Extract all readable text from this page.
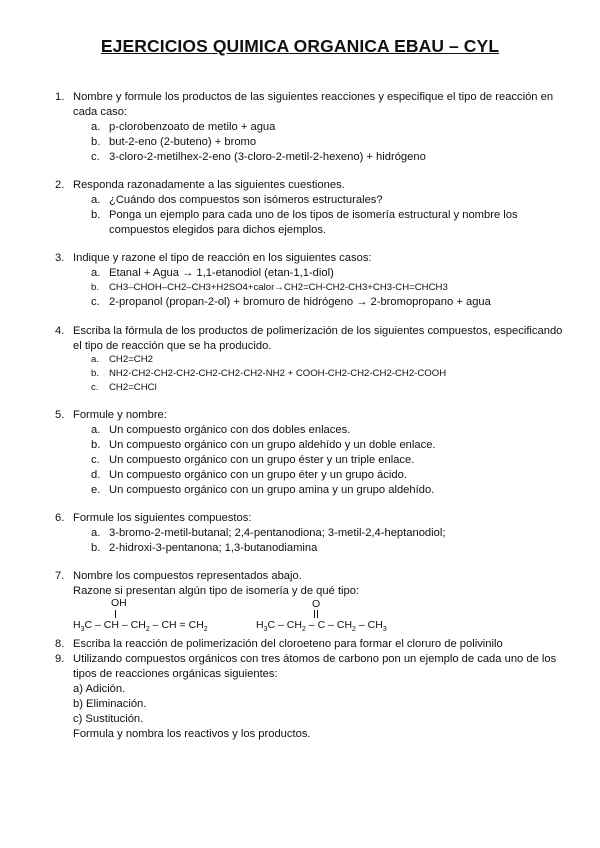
EJERCICIOS QUIMICA ORGANICA EBAU – CYL
1. Nombre y formule los productos de las siguientes reacciones y especifique el tipo de reacción en
cada caso:
a. p-clorobenzoato de metilo + agua
b. but-2-eno (2-buteno) + bromo
c. 3-cloro-2-metilhex-2-eno (3-cloro-2-metil-2-hexeno) + hidrógeno
2. Responda razonadamente a las siguientes cuestiones.
a. ¿Cuándo dos compuestos son isómeros estructurales?
b. Ponga un ejemplo para cada uno de los tipos de isomería estructural y nombre los
compuestos elegidos para dichos ejemplos.
3. Indique y razone el tipo de reacción en los siguientes casos:
a. Etanal + Agua → 1,1-etanodiol (etan-1,1-diol)
b. CH3–CHOH–CH2–CH3+H2SO4+calor→CH2=CH-CH2-CH3+CH3-CH=CHCH3
c. 2-propanol (propan-2-ol) + bromuro de hidrógeno → 2-bromopropano + agua
4. Escriba la fórmula de los productos de polimerización de los siguientes compuestos, especificando
el tipo de reacción que se ha producido.
a. CH2=CH2
b. NH2-CH2-CH2-CH2-CH2-CH2-CH2-NH2 + COOH-CH2-CH2-CH2-CH2-COOH
c. CH2=CHCl
5. Formule y nombre:
a. Un compuesto orgánico con dos dobles enlaces.
b. Un compuesto orgánico con un grupo aldehído y un doble enlace.
c. Un compuesto orgánico con un grupo éster y un triple enlace.
d. Un compuesto orgánico con un grupo éter y un grupo ácido.
e. Un compuesto orgánico con un grupo amina y un grupo aldehído.
6. Formule los siguientes compuestos:
a. 3-bromo-2-metil-butanal; 2,4-pentanodiona; 3-metil-2,4-heptanodiol;
b. 2-hidroxi-3-pentanona; 1,3-butanodiamina
7. Nombre los compuestos representados abajo.
Razone si presentan algún tipo de isomería y de qué tipo:
OH
$H_3C$ – CH – $CH_2$ – CH = $CH_2$
O
$H_3C - CH_2$ – C – $CH_2 - CH_3$
8. Escriba la reacción de polimerización del cloroeteno para formar el cloruro de polivinilo
9. Utilizando compuestos orgánicos con tres átomos de carbono pon un ejemplo de cada uno de los
tipos de reacciones orgánicas siguientes:
a) Adición.
b) Eliminación.
c) Sustitución.
Formula y nombra los reactivos y los productos.
